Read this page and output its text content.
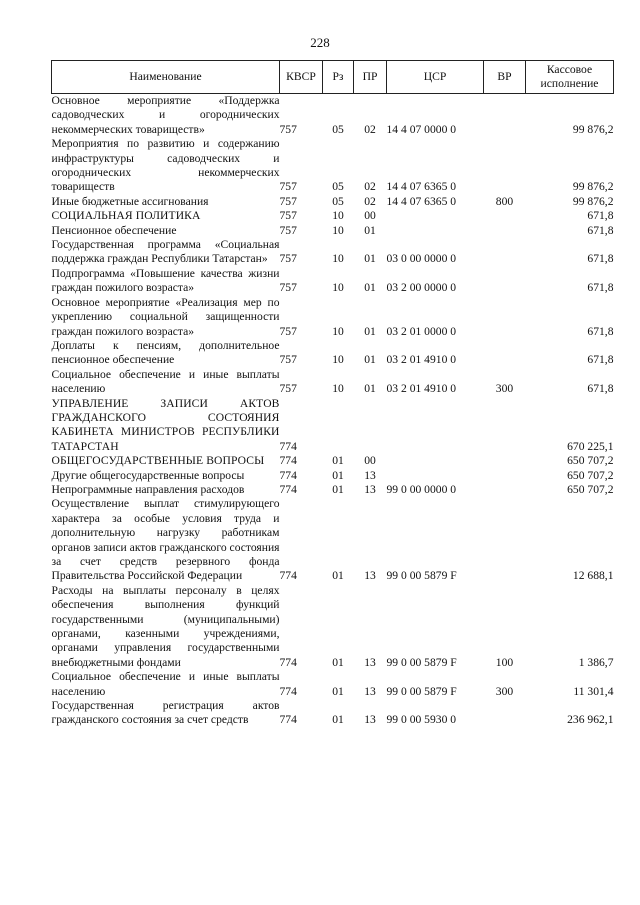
228
Наименование	КВСР	Рз	ПР	ЦСР	ВР	Кассовое исполнение
Основное мероприятие «Поддержка садоводческих и огороднических некоммерческих товариществ»	757	05	02	14 4 07 0000 0		99 876,2
Мероприятия по развитию и содержанию инфраструктуры садоводческих и огороднических некоммерческих товариществ	757	05	02	14 4 07 6365 0		99 876,2
Иные бюджетные ассигнования	757	05	02	14 4 07 6365 0	800	99 876,2
СОЦИАЛЬНАЯ ПОЛИТИКА	757	10	00			671,8
Пенсионное обеспечение	757	10	01			671,8
Государственная программа «Социальная поддержка граждан Республики Татарстан»	757	10	01	03 0 00 0000 0		671,8
Подпрограмма «Повышение качества жизни граждан пожилого возраста»	757	10	01	03 2 00 0000 0		671,8
Основное мероприятие «Реализация мер по укреплению социальной защищенности граждан пожилого возраста»	757	10	01	03 2 01 0000 0		671,8
Доплаты к пенсиям, дополнительное пенсионное обеспечение	757	10	01	03 2 01 4910 0		671,8
Социальное обеспечение и иные выплаты населению	757	10	01	03 2 01 4910 0	300	671,8
УПРАВЛЕНИЕ ЗАПИСИ АКТОВ ГРАЖДАНСКОГО СОСТОЯНИЯ КАБИНЕТА МИНИСТРОВ РЕСПУБЛИКИ ТАТАРСТАН	774					670 225,1
ОБЩЕГОСУДАРСТВЕННЫЕ ВОПРОСЫ	774	01	00			650 707,2
Другие общегосударственные вопросы	774	01	13			650 707,2
Непрограммные направления расходов	774	01	13	99 0 00 0000 0		650 707,2
Осуществление выплат стимулирующего характера за особые условия труда и дополнительную нагрузку работникам органов записи актов гражданского состояния за счет средств резервного фонда Правительства Российской Федерации	774	01	13	99 0 00 5879 F		12 688,1
Расходы на выплаты персоналу в целях обеспечения выполнения функций государственными (муниципальными) органами, казенными учреждениями, органами управления государственными внебюджетными фондами	774	01	13	99 0 00 5879 F	100	1 386,7
Социальное обеспечение и иные выплаты населению	774	01	13	99 0 00 5879 F	300	11 301,4
Государственная регистрация актов гражданского состояния за счет средств	774	01	13	99 0 00 5930 0		236 962,1
